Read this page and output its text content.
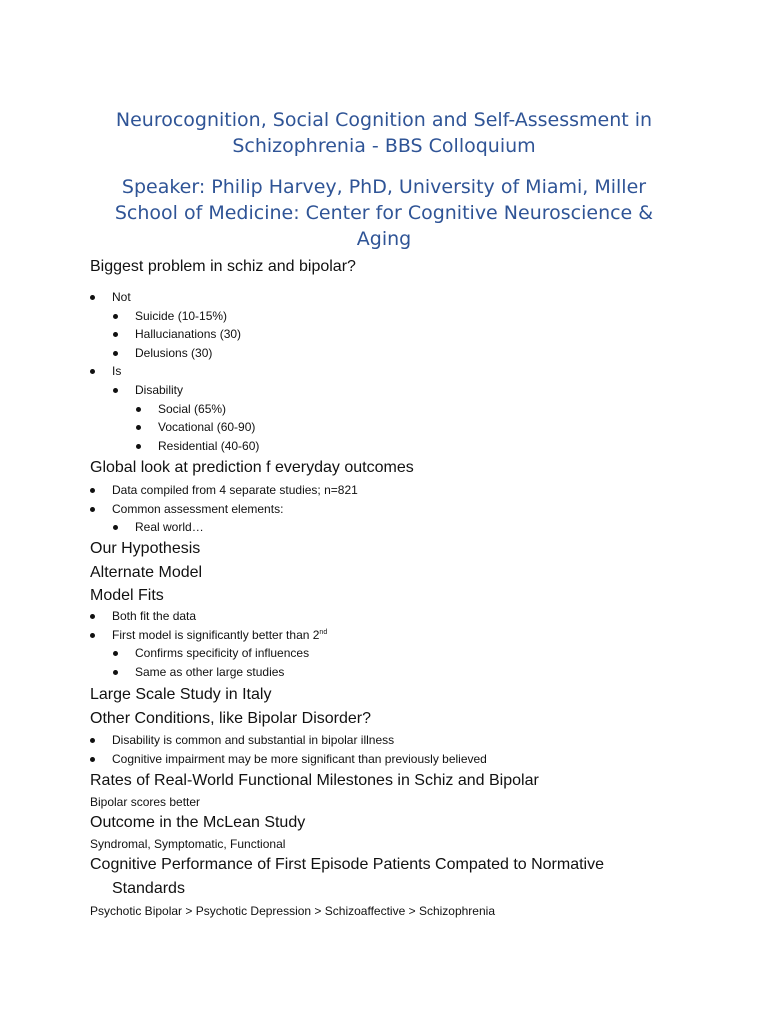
Neurocognition, Social Cognition and Self-Assessment in Schizophrenia - BBS Colloquium
Speaker: Philip Harvey, PhD, University of Miami, Miller School of Medicine: Center for Cognitive Neuroscience & Aging
Biggest problem in schiz and bipolar?
Not
Suicide (10-15%)
Hallucianations (30)
Delusions (30)
Is
Disability
Social (65%)
Vocational (60-90)
Residential (40-60)
Global look at prediction f everyday outcomes
Data compiled from 4 separate studies; n=821
Common assessment elements:
Real world…
Our Hypothesis
Alternate Model
Model Fits
Both fit the data
First model is significantly better than 2nd
Confirms specificity of influences
Same as other large studies
Large Scale Study in Italy
Other Conditions, like Bipolar Disorder?
Disability is common and substantial in bipolar illness
Cognitive impairment may be more significant than previously believed
Rates of Real-World Functional Milestones in Schiz and Bipolar
Bipolar scores better
Outcome in the McLean Study
Syndromal, Symptomatic, Functional
Cognitive Performance of First Episode Patients Compated to Normative Standards
Psychotic Bipolar > Psychotic Depression > Schizoaffective > Schizophrenia
